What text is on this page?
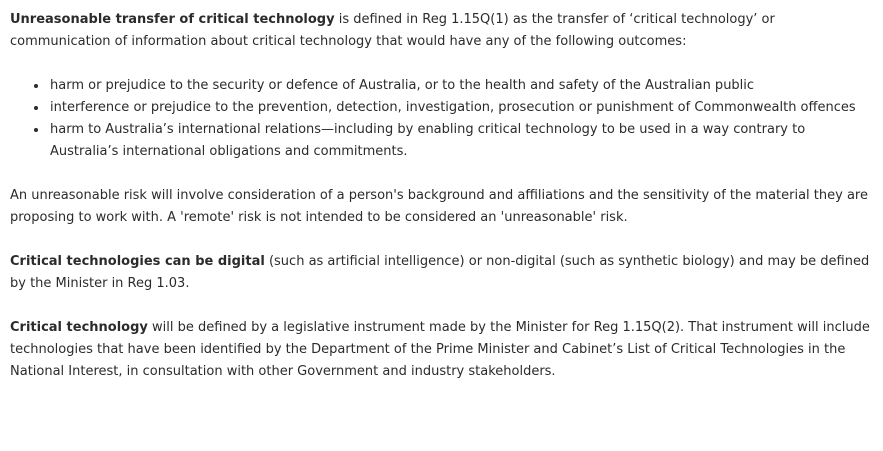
Unreasonable transfer of critical technology is defined in Reg 1.15Q(1) as the transfer of ‘critical technology’ or communication of information about critical technology that would have any of the following outcomes:

• harm or prejudice to the security or defence of Australia, or to the health and safety of the Australian public
• interference or prejudice to the prevention, detection, investigation, prosecution or punishment of Commonwealth offences
• harm to Australia’s international relations—including by enabling critical technology to be used in a way contrary to Australia’s international obligations and commitments.

An unreasonable risk will involve consideration of a person's background and affiliations and the sensitivity of the material they are proposing to work with. A 'remote' risk is not intended to be considered an 'unreasonable' risk.

Critical technologies can be digital (such as artificial intelligence) or non-digital (such as synthetic biology) and may be defined by the Minister in Reg 1.03.

Critical technology will be defined by a legislative instrument made by the Minister for Reg 1.15Q(2). That instrument will include technologies that have been identified by the Department of the Prime Minister and Cabinet’s List of Critical Technologies in the National Interest, in consultation with other Government and industry stakeholders.
